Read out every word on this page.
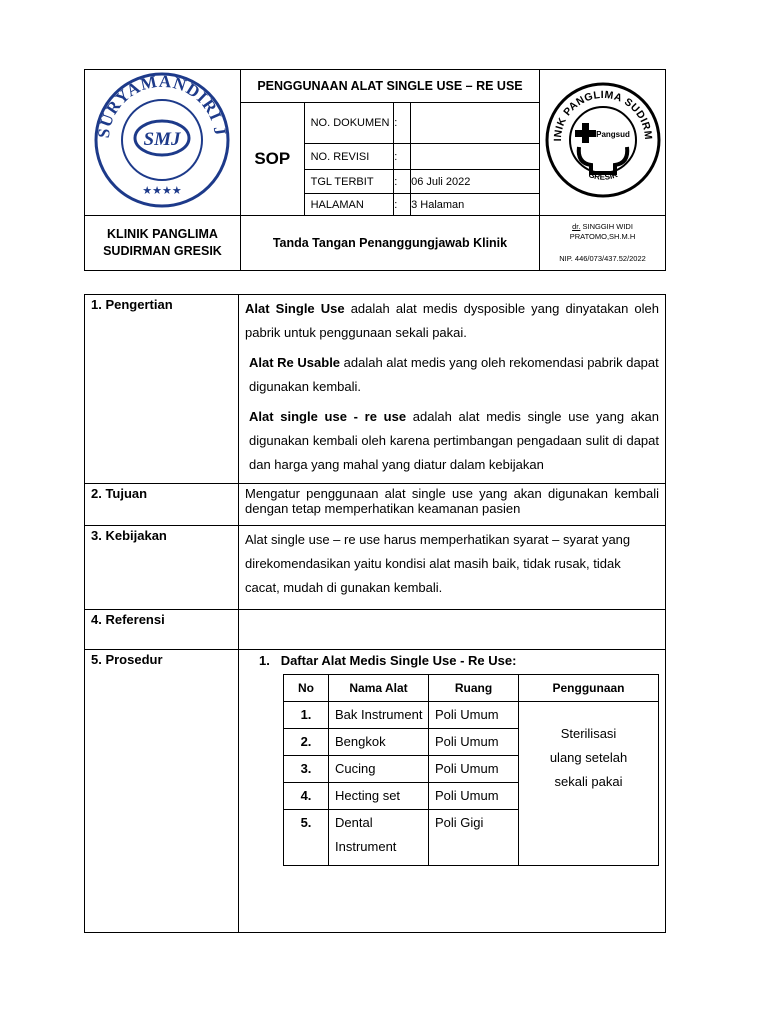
SURYAMANDIRI J
SMJ
★★★★	PENGGUNAAN ALAT SINGLE USE – RE USE				INIK PANGLIMA SUDIRM
GRESIK
Pangsud

	SOP	NO. DOKUMEN	:		
		NO. REVISI	:		
		TGL TERBIT	:	06 Juli 2022	
		HALAMAN	:	3 Halaman	
KLINIK PANGLIMA SUDIRMAN GRESIK	Tanda Tangan Penanggungjawab Klinik				dr. SINGGIH WIDI PRATOMO,SH.M.H
NIP. 446/073/437.52/2022
1. Pengertian	Alat Single Use adalah alat medis dysposible yang dinyatakan oleh pabrik untuk penggunaan sekali pakai.
Alat Re Usable adalah alat medis yang oleh rekomendasi pabrik dapat digunakan kembali.
Alat single use - re use adalah alat medis single use yang akan digunakan kembali oleh karena pertimbangan pengadaan sulit di dapat dan harga yang mahal yang diatur dalam kebijakan

2. Tujuan	Mengatur penggunaan alat single use yang akan digunakan kembali dengan tetap memperhatikan keamanan pasien
3. Kebijakan	Alat single use – re use harus memperhatikan syarat – syarat yang direkomendasikan yaitu kondisi alat masih baik, tidak rusak, tidak cacat, mudah di gunakan kembali.
4. Referensi	
5. Prosedur	1. Daftar Alat Medis Single Use - Re Use:
No	Nama Alat	Ruang	Penggunaan
1.	Bak Instrument	Poli Umum	Sterilisasi ulang setelah sekali pakai
2.	Bengkok	Poli Umum
3.	Cucing	Poli Umum
4.	Hecting set	Poli Umum
5.	Dental Instrument	Poli Gigi
